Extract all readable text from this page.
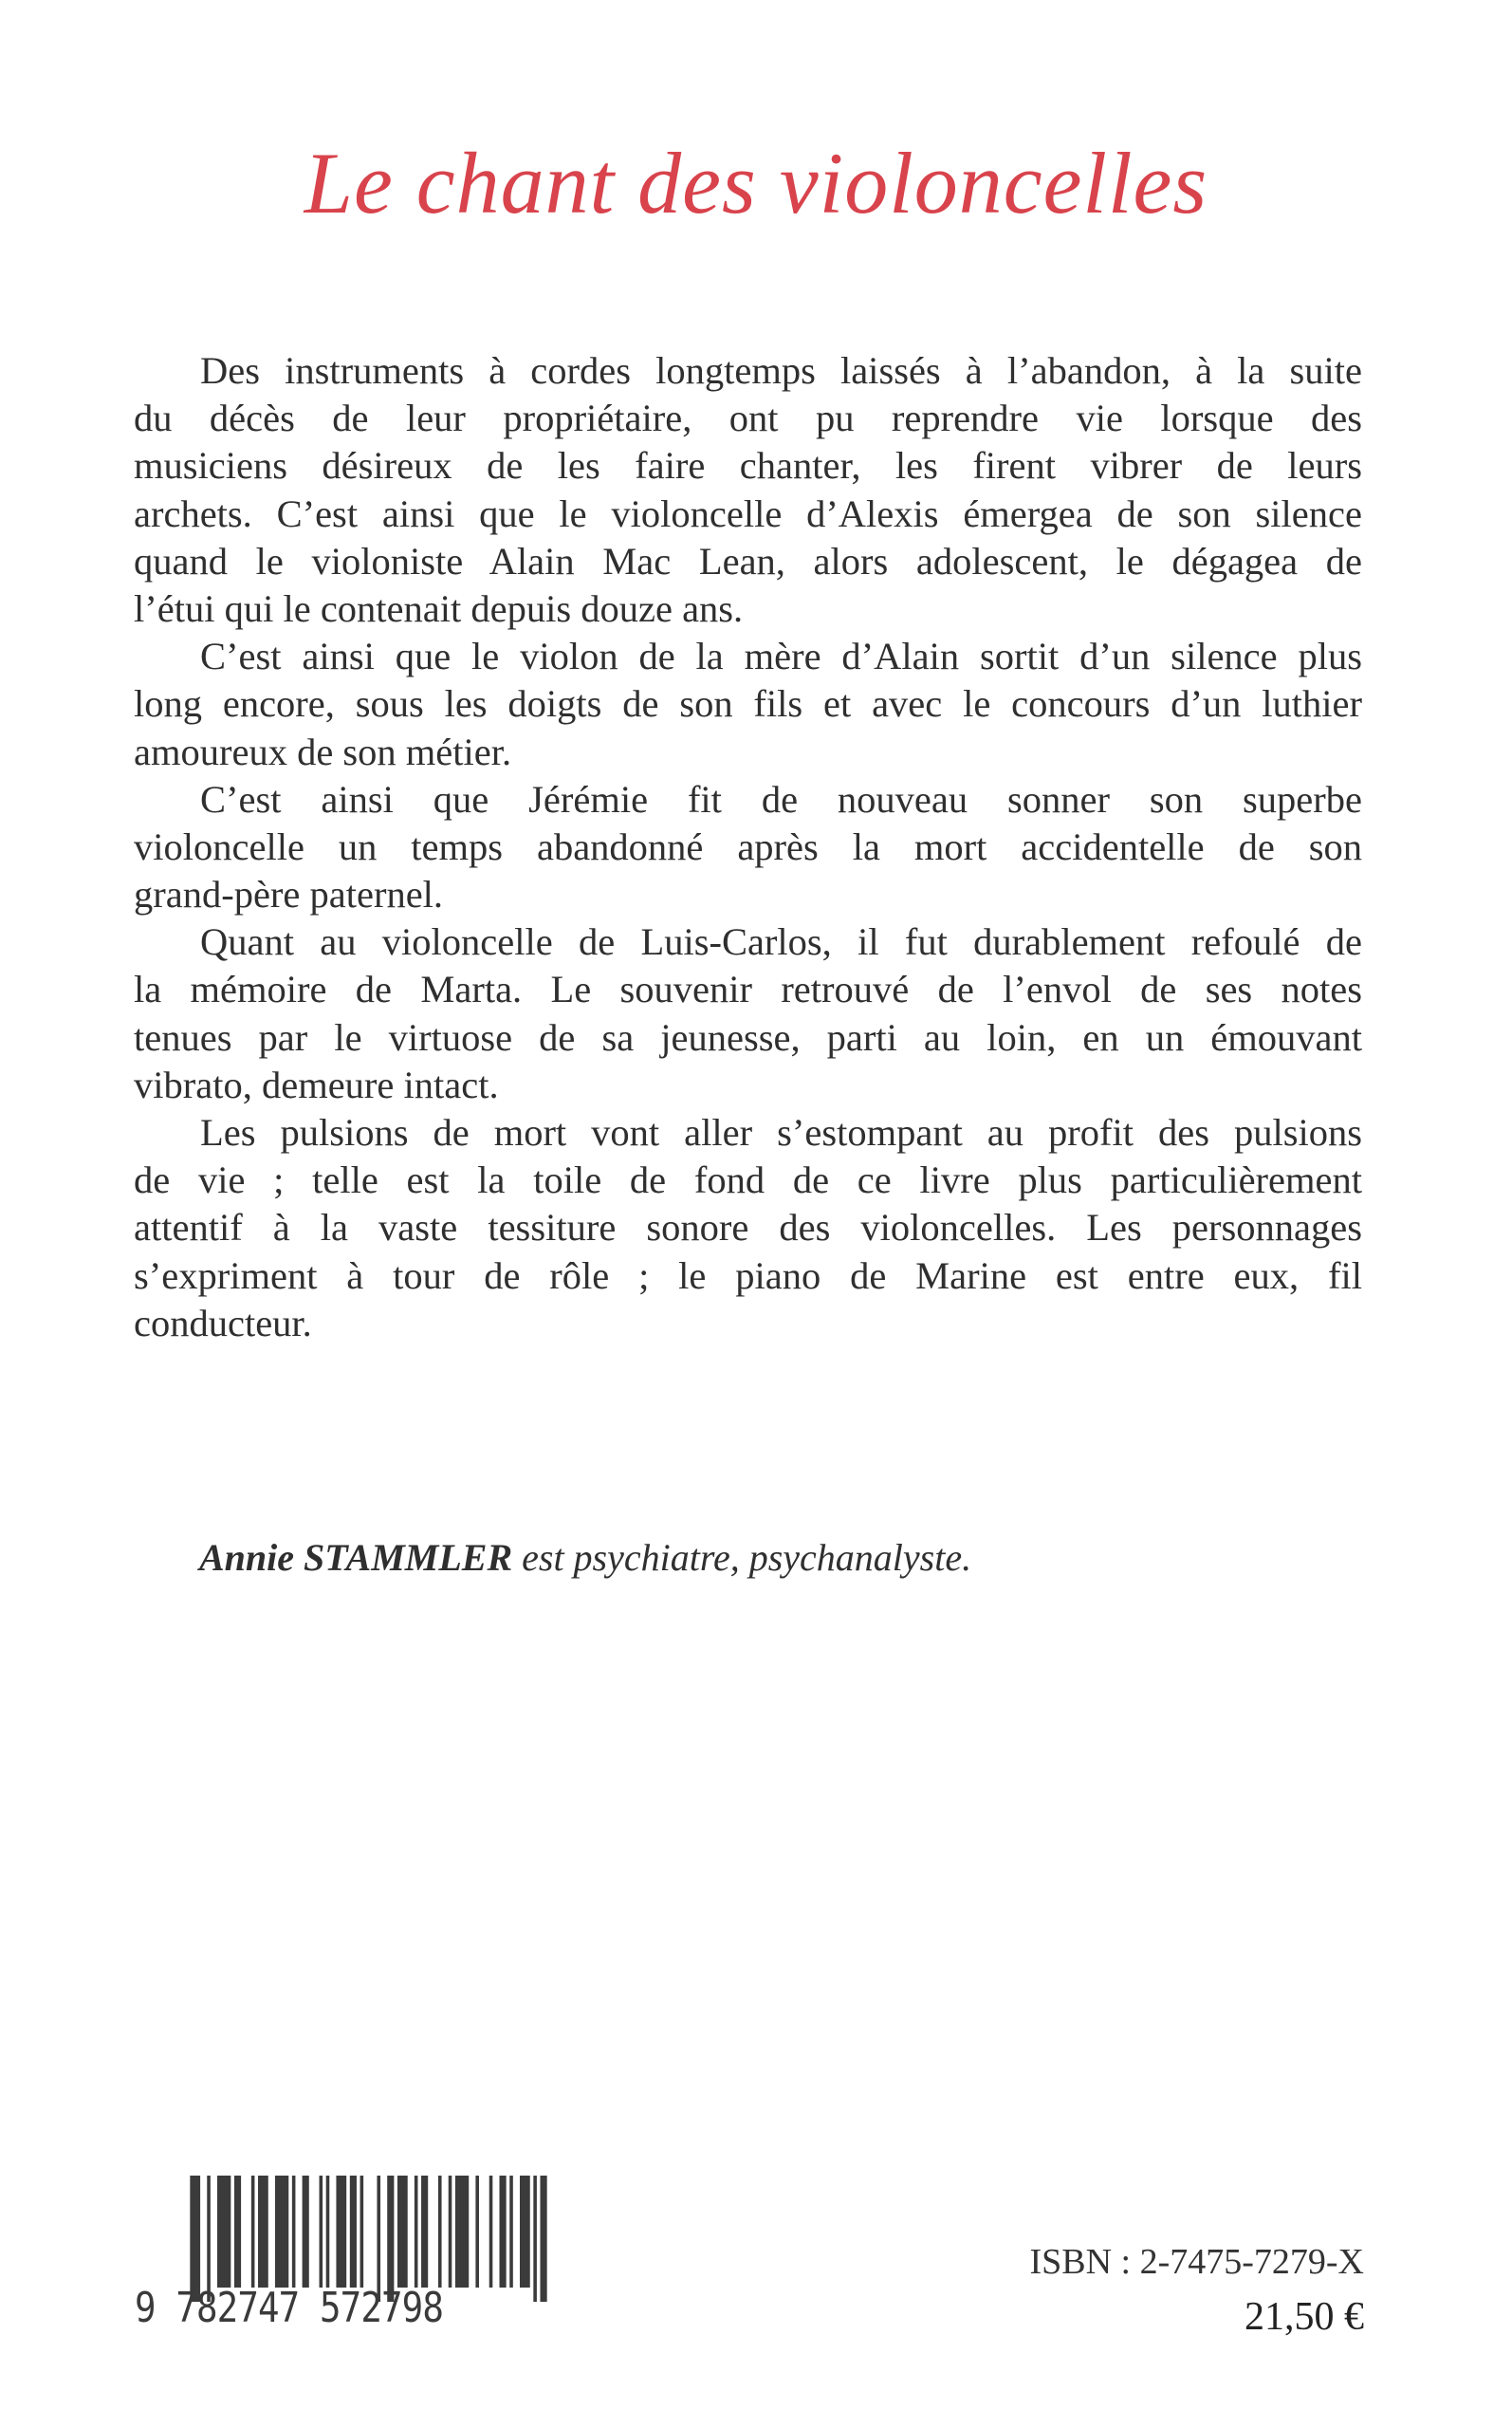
Le chant des violoncelles
Des instruments à cordes longtemps laissés à l’abandon, à la suite
du décès de leur propriétaire, ont pu reprendre vie lorsque des
musiciens désireux de les faire chanter, les firent vibrer de leurs
archets. C’est ainsi que le violoncelle d’Alexis émergea de son silence
quand le violoniste Alain Mac Lean, alors adolescent, le dégagea de
l’étui qui le contenait depuis douze ans.
C’est ainsi que le violon de la mère d’Alain sortit d’un silence plus
long encore, sous les doigts de son fils et avec le concours d’un luthier
amoureux de son métier.
C’est ainsi que Jérémie fit de nouveau sonner son superbe
violoncelle un temps abandonné après la mort accidentelle de son
grand-père paternel.
Quant au violoncelle de Luis-Carlos, il fut durablement refoulé de
la mémoire de Marta. Le souvenir retrouvé de l’envol de ses notes
tenues par le virtuose de sa jeunesse, parti au loin, en un émouvant
vibrato, demeure intact.
Les pulsions de mort vont aller s’estompant au profit des pulsions
de vie ; telle est la toile de fond de ce livre plus particulièrement
attentif à la vaste tessiture sonore des violoncelles. Les personnages
s’expriment à tour de rôle ; le piano de Marine est entre eux, fil
conducteur.
Annie STAMMLER est psychiatre, psychanalyste.
9 782747 572798
ISBN : 2-7475-7279-X
21,50 €
